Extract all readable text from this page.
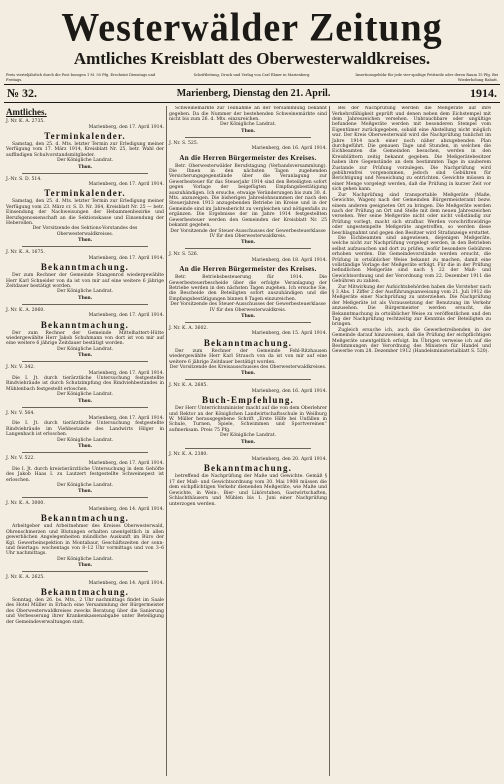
Westerwälder Zeitung
Amtliches Kreisblatt des Oberwesterwaldkreises.
Preis vierteljährlich durch die Post bezogen 1 M. 50 Pfg. Erscheint Dienstags und Freitags.
Schriftleitung, Druck und Verlag von Carl Ebner in Marienberg.	Insertionsgebühr für jede vier-spaltige Petitzeile oder deren Raum 15 Pfg. Bei Wiederholung Rabatt.
№ 32.	Marienberg, Dienstag den 21. April.	1914.
Amtliches.
J. Nr. K. A. 2735.
Marienberg, den 17. April 1914.
Terminkalender.
Samstag, den 25. d. Mts. letzter Termin zur Erledigung meiner Verfügung vom 17. März 1914, Kreisblatt Nr. 25, betr. Wahl der auffindigen Schulvorstandsmitglieder.
Der Königliche Landrat.
Thon.
J.-Nr. S. D. 514.
Marienberg, den 17. April 1914.
Terminkalender.
Samstag, den 25. d. Mts. letzter Termin zur Erledigung meiner Verfügung vom 23. März cr. S. D. Nr. 364, Kreisblatt Nr. 25 — betr. Einsendung der Nachweisungen der Hebammenbezirke und Berufsgenossenschaft an die Sektionskasse und Einsendung der Heberollen.
Der Vorsitzende des Sektions-Vorstandes des Oberwesterwaldkreises.
Thon.
J. Nr. K. A. 1675.
Marienberg, den 17. April 1914.
Bekanntmachung.
Der zum Rechner der Gemeinde Stangenrod wiedergewählte Herr Karl Schneider von da ist von mir auf eine weitere 6 jährige Zeitdauer bestätigt worden.
Der Königliche Landrat.
Thon.
J. Nr. K. A. 2060.
Marienberg, den 17. April 1914.
Bekanntmachung.
Der zum Rechner der Gemeinde Mittelhattert-Hütte wiedergewählte Herr Jakob Schuhmann von dort ist von mir auf eine weitere 6 jährige Zeitdauer bestätigt worden.
Der Königliche Landrat.
Thon.
J. Nr. V. 342.
Marienberg, den 17. April 1914.
Die I. Jt. durch tierärztliche Untersuchung festgestellte Rindviehräude ist durch Schutzimpfung des Rindviehbestandes in Mühlenbach festgestellt erloschen.
Der Königliche Landrat.
Thon.
J. Nr. V. 564.
Marienberg, den 17. April 1914.
Die I. Jt. durch tierärztliche Untersuchung festgestellte Rindviehräude im Viehbestande des Landwirts Hilger in Langenbach ist erloschen.
Der Königliche Landrat.
Thon.
J. Nr. V. 522.
Marienberg, den 17. April 1914.
Die I. Jt. durch kreistierärztliche Untersuchung in dem Gehöfte des Jakob Haas I. zu Lautzert festgestellte Schweinepest ist erloschen.
Der Königliche Landrat.
Thon.
J. Nr. K. A. 3000.
Marienberg, den 14. April 1914.
Bekanntmachung.
Arbeitgeber und Arbeitnehmer des Kreises Oberwesterwald, Ohrenschmerzen und Blutungen erhalten unentgeltlich in allen gewerblichen Angelegenheiten mündliche Auskunft im Büro der Kgl. Gewerbeinspektion in Montabaur, Geschäftszeiten der sonn- und feiertags: wochentags von 8–12 Uhr vormittags und von 3–6 Uhr nachmittags.
Der Königliche Landrat.
Thon.
J. Nr. K. A. 2625.
Marienberg, den 14. April 1914.
Bekanntmachung.
Sonntag, den 26. bs. Mts., 2 Uhr nachmittags findet im Saale des Hotel Müller in Erbach eine Versammlung der Bürgermeister des Oberwesterwaldkreises zwecks Beratung über die Sanierung und Verbesserung ihrer Krankenkassenabgabe unter Beteiligung der Gemeindeverwaltungen statt.
Schweinemärkte zur Teilnahme an der Versammlung bekannt gegeben. Da die Nummer der bestehenden Schweinemärkte sind nicht bis zum 26. d. Mts. einzureichen.
Der Königliche Landrat.
Thon.
J. Nr. S. 525.
Marienberg, den 16. April 1914.
An die Herren Bürgermeister des Kreises.
Betr. Oberwesterwälder Berufstagung (Verbandsversammlung). Die Ihnen in den nächsten Tagen zugehenden Versicherungsgegenstände über die Veranlagung zur Gewerbesteuer für das Steuerjahr 1914 sind den Beteiligten sofort gegen Vorlage der beigefügten Empfangsbestätigung auszuhändigen. Ich ersuche, etwaige Veränderungen bis zum 30. d. Mts. anzuzeigen. Die bisherigen Jahreslohnsummen der nach den Steuerjahren 1913 anzugebenden Betriebe im Kreise und in der Gemeinde sind im Jahresbericht zu vergleichen und nötigenfalls zu ergänzen. Die Ergebnisse der im Jahre 1914 festgestellten Gewerbesteuer werden den Gemeinden der Kreisblatt Nr. 25 bekannt gegeben.
Der Vorsitzende der Steuer-Ausschusses der Gewerbesteuerklasse IV für den Oberwesterwaldkreis.
Thon.
J. Nr. S. 526.
Marienberg, den 18. April 1914.
An die Herren Bürgermeister des Kreises.
Betr. Betriebsbesteuerung für 1914. Die Gewerbesteuerbescheide über die erfolgte Veranlagung der Betriebe werden in den nächsten Tagen zugehen. Ich ersuche Sie, die Bescheide den Beteiligten sofort auszuhändigen und die Empfangsbestätigungen binnen 8 Tagen einzureichen.
Der Vorsitzende des Steuer-Ausschusses der Gewerbesteuerklasse IV für den Oberwesterwaldkreis.
Thon.
J. Nr. K. A. 3602.
Marienberg, den 15. April 1914.
Bekanntmachung.
Der zum Rechner der Gemeinde Fehl-Ritzhausen wiedergewählte Herr Karl Strauch von da ist von mir auf eine weitere 6 jährige Zeitdauer bestätigt worden.
Der Vorsitzende des Kreisausschusses des Oberwesterwaldkreises.
Thon.
J. Nr. K. A. 2685.
Marienberg, den 16. April 1914.
Buch-Empfehlung.
Der Herr Unterrichtsminister macht auf die von dem Oberlehrer und Rektor an der Königlichen Landwirtschaftsschule in Weilburg W. Müller herausgegebene Schrift „Erste Hilfe bei Unfällen in Schule, Turnen, Spiele, Schwimmen und Sportvereinen“ aufmerksam. Preis 75 Pfg.
Der Königliche Landrat.
Thon.
J. Nr. K. A. 2380.
Marienberg, den 20. April 1914.
Bekanntmachung.
betreffend die Nachprüfung der Maße und Gewichte. Gemäß § 17 der Maß- und Gewichtsordnung vom 30. Mai 1908 müssen die dem eichpflichtigen Verkehr dienenden Meßgeräte, wie Maße und Gewichte, in Wein-, Bier- und Likörstuben, Gastwirtschaften, Schlachthäusern und Mühlen bis 1. Juni einer Nachprüfung unterzogen werden.
Bei der Nachprüfung werden die Meßgeräte auf ihre Verkehrsfähigkeit geprüft und denen neben dem Eichstempel mit dem Jahreszeichen versehen. Unbrauchbare oder ungültige befundene Meßgeräte werden mit besonderen Stempel vom Eigentümer zurückgegeben, sobald eine Abstellung nicht möglich war. Der Kreis Oberwesterwald wird die Nachprüfung tunlichst im Jahre 1914 nach einer noch näher abzugebenden Plan durchgeführt. Die genauen Tage und Stunden, in welchen die Eichbeamten die Gemeinden besuchen, werden in den Kreisblättern zeitig bekannt gegeben. Die Meßgerätebesitzer haben ihre Gegenstände an dem bestimmten Tage in sauberem Zustande zur Prüfung vorzulegen. Die Nachprüfung wird gebührenfrei vorgenommen, jedoch sind Gebühren für Berichtigung und Neueichung zu entrichten. Gewichte müssen in einer Menge vorgelegt werden, daß die Prüfung in kurzer Zeit vor sich gehen kann.
Zur Nachprüfung sind transportable Meßgeräte (Maße, Gewichte, Wagen) nach der Gemeinden Bürgermeisteramt bezw. einem anderen geeigneten Ort zu bringen. Die Meßgeräte werden nach der Prüfung an Ort und Stelle mit dem neuen Jahreszeichen versehen. Wer seine Meßgeräte nicht oder nicht vollständig zur Prüfung vorlegt, macht sich strafbar. Werden vorschriftswidrige oder ungestempelte Meßgeräte angetroffen, so werden diese beschlagnahmt und gegen den Besitzer wird Strafanzeige erstattet.
Die Eichbeamten sind angewiesen, diejenigen Meßgeräte, welche nicht zur Nachprüfung vorgelegt werden, in den Betrieben selbst aufzusuchen und dort zu prüfen, wofür besondere Gebühren erhoben werden. Die Gemeindevorstände werden ersucht, die Prüfung in ortsüblicher Weise bekannt zu machen, damit eine vollständige Vorlage der Meßgeräte erfolgt. Für die in der Prüfung befindlichen Meßgeräte sind nach § 22 der Maß- und Gewichtsordnung und der Verordnung vom 22. Dezember 1911 die Gebühren zu zahlen.
Zur Mitwirkung der Aufsichtsbehörden haben die Vorsteher nach § 3 Abs. 1 Ziffer 2 der Ausführungsanweisung vom 21. Juli 1912 die Meßgeräte einer Nachprüfung zu unterziehen. Die Nachprüfung der Meßgeräte ist als Voraussetzung der Benutzung im Verkehr anzusehen. Die Bürgermeister werden ersucht, die Bekanntmachung in ortsüblicher Weise zu veröffentlichen und den Tag der Nachprüfung rechtzeitig zur Kenntnis der Beteiligten zu bringen.
Zugleich ersuche ich, auch die Gewerbetreibenden in der Gemeinde darauf hinzuweisen, daß die Prüfung der eichpflichtigen Meßgeräte unentgeltlich erfolgt. Im Übrigen verweise ich auf die Bestimmungen der Verordnung des Ministers für Handel und Gewerbe vom 28. Dezember 1912 (Handelsministerialblatt S. 520).
